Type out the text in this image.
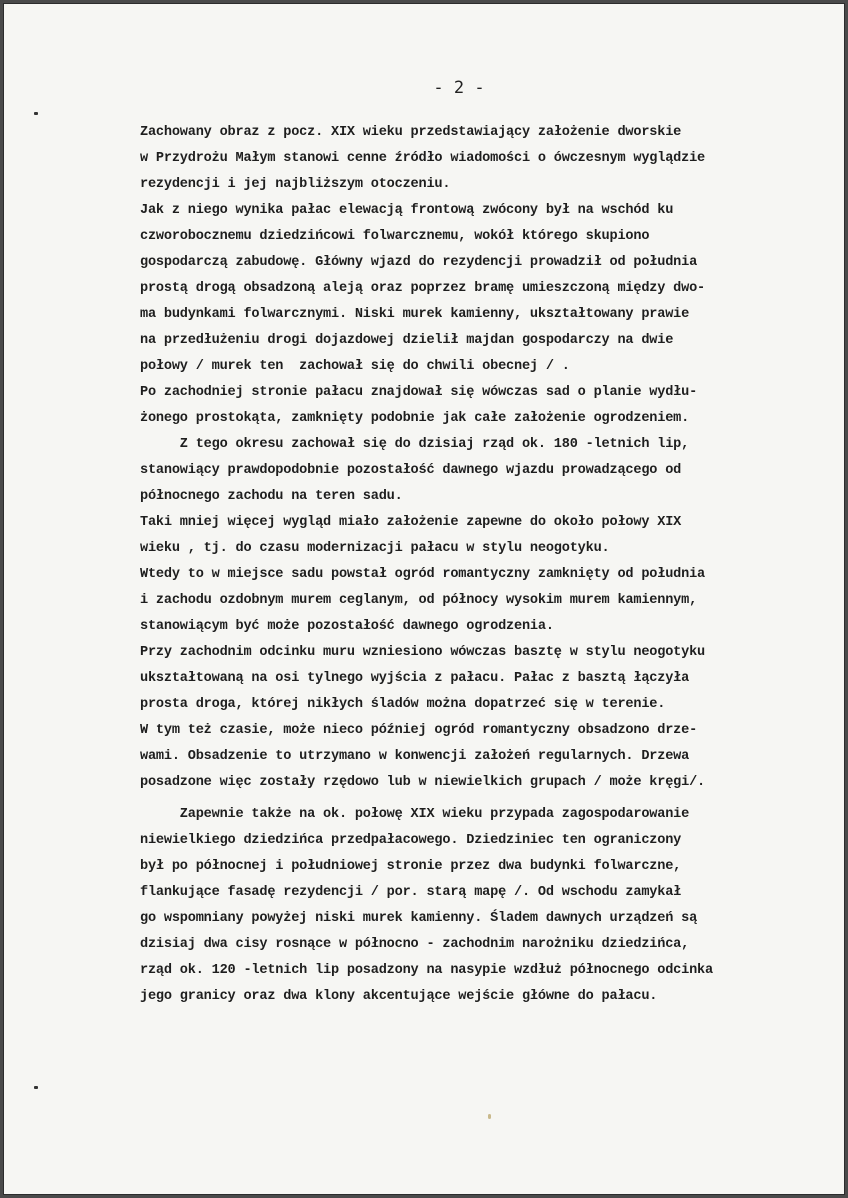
- 2 -
Zachowany obraz z pocz. XIX wieku przedstawiający założenie dworskie
w Przydrożu Małym stanowi cenne źródło wiadomości o ówczesnym wyglądzie
rezydencji i jej najbliższym otoczeniu.
Jak z niego wynika pałac elewacją frontową zwócony był na wschód ku
czworobocznemu dziedzińcowi folwarcznemu, wokół którego skupiono
gospodarczą zabudowę. Główny wjazd do rezydencji prowadził od południa
prostą drogą obsadzoną aleją oraz poprzez bramę umieszczoną między dwo-
ma budynkami folwarcznymi. Niski murek kamienny, ukształtowany prawie
na przedłużeniu drogi dojazdowej dzielił majdan gospodarczy na dwie
połowy / murek ten  zachował się do chwili obecnej / .
Po zachodniej stronie pałacu znajdował się wówczas sad o planie wydłu-
żonego prostokąta, zamknięty podobnie jak całe założenie ogrodzeniem.
Z tego okresu zachował się do dzisiaj rząd ok. 180 -letnich lip,
stanowiący prawdopodobnie pozostałość dawnego wjazdu prowadzącego od
północnego zachodu na teren sadu.
Taki mniej więcej wygląd miało założenie zapewne do około połowy XIX
wieku , tj. do czasu modernizacji pałacu w stylu neogotyku.
Wtedy to w miejsce sadu powstał ogród romantyczny zamknięty od południa
i zachodu ozdobnym murem ceglanym, od północy wysokim murem kamiennym,
stanowiącym być może pozostałość dawnego ogrodzenia.
Przy zachodnim odcinku muru wzniesiono wówczas basztę w stylu neogotyku
ukształtowaną na osi tylnego wyjścia z pałacu. Pałac z basztą łączyła
prosta droga, której nikłych śladów można dopatrzeć się w terenie.
W tym też czasie, może nieco później ogród romantyczny obsadzono drze-
wami. Obsadzenie to utrzymano w konwencji założeń regularnych. Drzewa
posadzone więc zostały rzędowo lub w niewielkich grupach / może kręgi/.
Zapewnie także na ok. połowę XIX wieku przypada zagospodarowanie
niewielkiego dziedzińca przedpałacowego. Dziedziniec ten ograniczony
był po północnej i południowej stronie przez dwa budynki folwarczne,
flankujące fasadę rezydencji / por. starą mapę /. Od wschodu zamykał
go wspomniany powyżej niski murek kamienny. Śladem dawnych urządzeń są
dzisiaj dwa cisy rosnące w północno - zachodnim narożniku dziedzińca,
rząd ok. 120 -letnich lip posadzony na nasypie wzdłuż północnego odcinka
jego granicy oraz dwa klony akcentujące wejście główne do pałacu.
